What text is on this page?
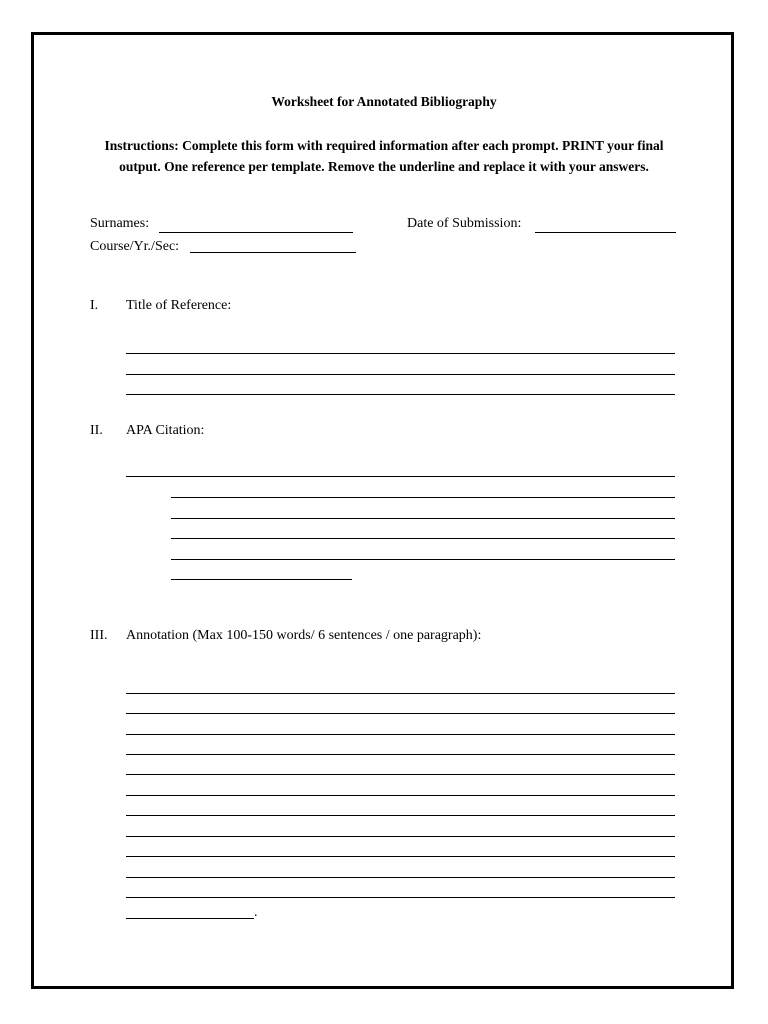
Worksheet for Annotated Bibliography
Instructions: Complete this form with required information after each prompt. PRINT your final output. One reference per template. Remove the underline and replace it with your answers.
Surnames:	Date of Submission:
Course/Yr./Sec:
I. Title of Reference:
II. APA Citation:
III. Annotation (Max 100-150 words/ 6 sentences / one paragraph):
.
